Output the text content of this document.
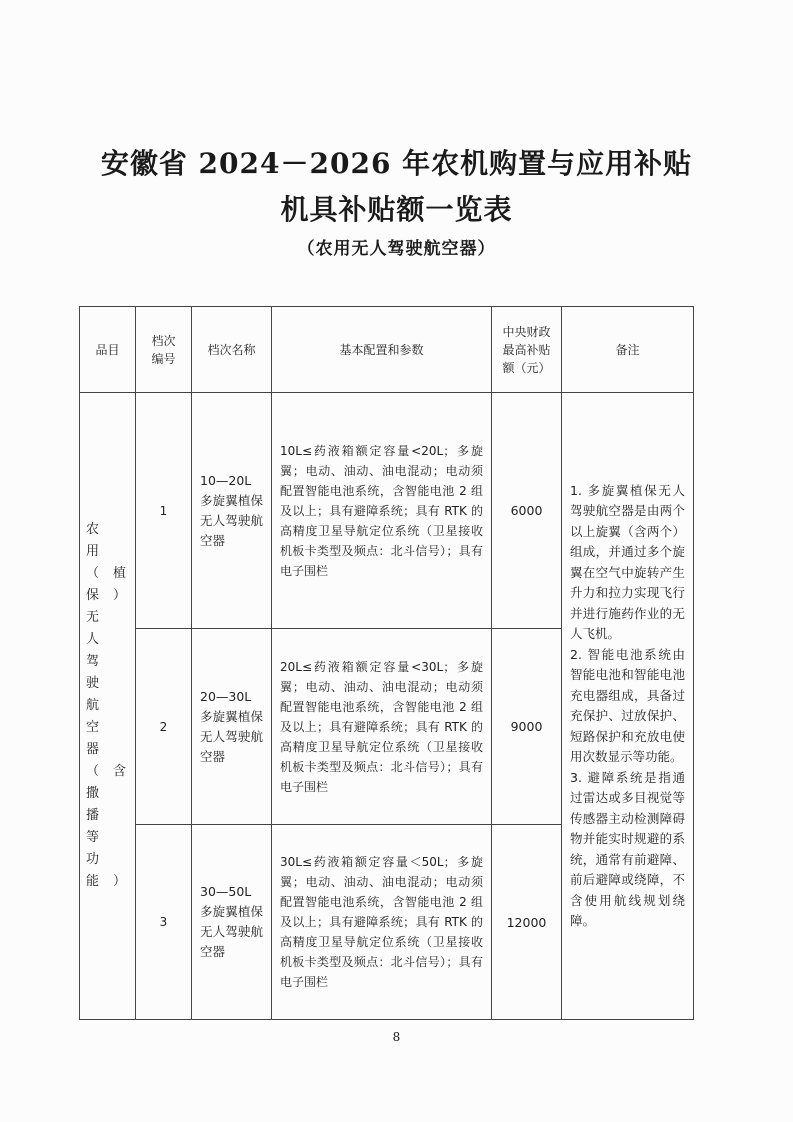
安徽省 2024－2026 年农机购置与应用补贴
机具补贴额一览表
（农用无人驾驶航空器）
品目	档次编号	档次名称	基本配置和参数	中央财政最高补贴额（元）	备注
农用（植保）无人驾驶航空器（含撒播等功能）	1	10—20L 多旋翼植保无人驾驶航空器	10L≤药液箱额定容量<20L；多旋翼；电动、油动、油电混动；电动须配置智能电池系统，含智能电池 2 组及以上；具有避障系统；具有 RTK 的高精度卫星导航定位系统（卫星接收机板卡类型及频点：北斗信号）；具有电子围栏	6000	1. 多旋翼植保无人驾驶航空器是由两个以上旋翼（含两个）组成，并通过多个旋翼在空气中旋转产生升力和拉力实现飞行并进行施药作业的无人飞机。
2. 智能电池系统由智能电池和智能电池充电器组成，具备过充保护、过放保护、短路保护和充放电使用次数显示等功能。
3. 避障系统是指通过雷达或多目视觉等传感器主动检测障碍物并能实时规避的系统，通常有前避障、前后避障或绕障，不含使用航线规划绕障。

	2	20—30L 多旋翼植保无人驾驶航空器	20L≤药液箱额定容量<30L；多旋翼；电动、油动、油电混动；电动须配置智能电池系统，含智能电池 2 组及以上；具有避障系统；具有 RTK 的高精度卫星导航定位系统（卫星接收机板卡类型及频点：北斗信号）；具有电子围栏	9000	
	3	30—50L 多旋翼植保无人驾驶航空器	30L≤药液箱额定容量＜50L；多旋翼；电动、油动、油电混动；电动须配置智能电池系统，含智能电池 2 组及以上；具有避障系统；具有 RTK 的高精度卫星导航定位系统（卫星接收机板卡类型及频点：北斗信号）；具有电子围栏	12000	
8
